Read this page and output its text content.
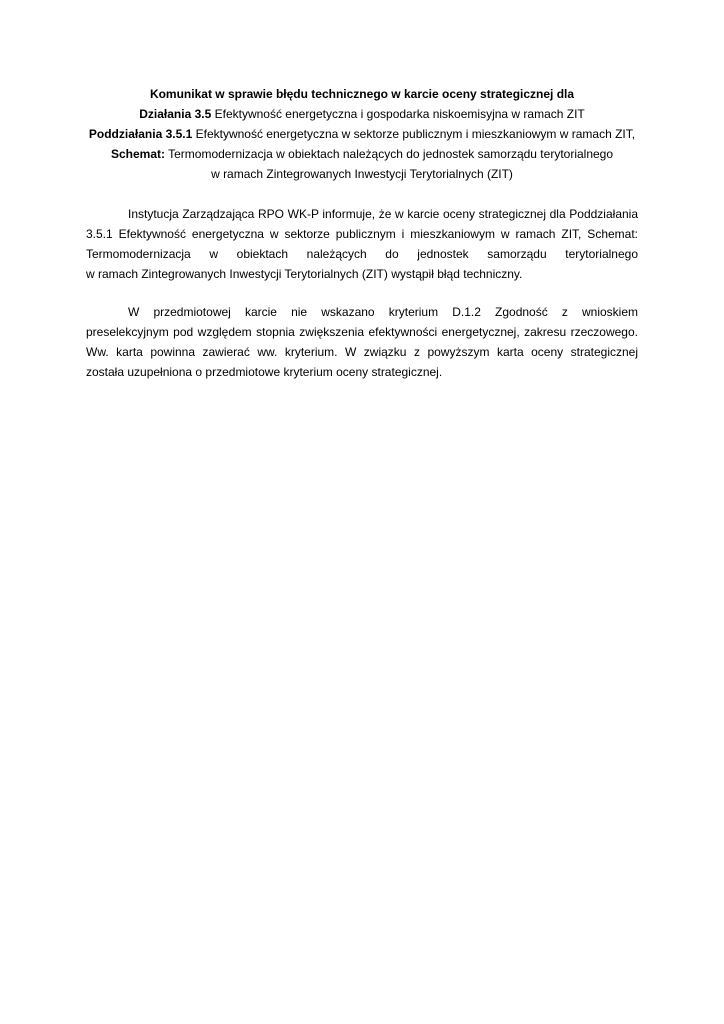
Komunikat w sprawie błędu technicznego w karcie oceny strategicznej dla
Działania 3.5 Efektywność energetyczna i gospodarka niskoemisyjna w ramach ZIT
Poddziałania 3.5.1 Efektywność energetyczna w sektorze publicznym i mieszkaniowym w ramach ZIT,
Schemat: Termomodernizacja w obiektach należących do jednostek samorządu terytorialnego
w ramach Zintegrowanych Inwestycji Terytorialnych (ZIT)
Instytucja Zarządzająca RPO WK-P informuje, że w karcie oceny strategicznej dla Poddziałania
3.5.1 Efektywność energetyczna w sektorze publicznym i mieszkaniowym w ramach ZIT, Schemat:
Termomodernizacja w obiektach należących do jednostek samorządu terytorialnego
w ramach Zintegrowanych Inwestycji Terytorialnych (ZIT) wystąpił błąd techniczny.
W przedmiotowej karcie nie wskazano kryterium D.1.2 Zgodność z wnioskiem
preselekcyjnym pod względem stopnia zwiększenia efektywności energetycznej, zakresu rzeczowego.
Ww. karta powinna zawierać ww. kryterium. W związku z powyższym karta oceny strategicznej
została uzupełniona o przedmiotowe kryterium oceny strategicznej.
